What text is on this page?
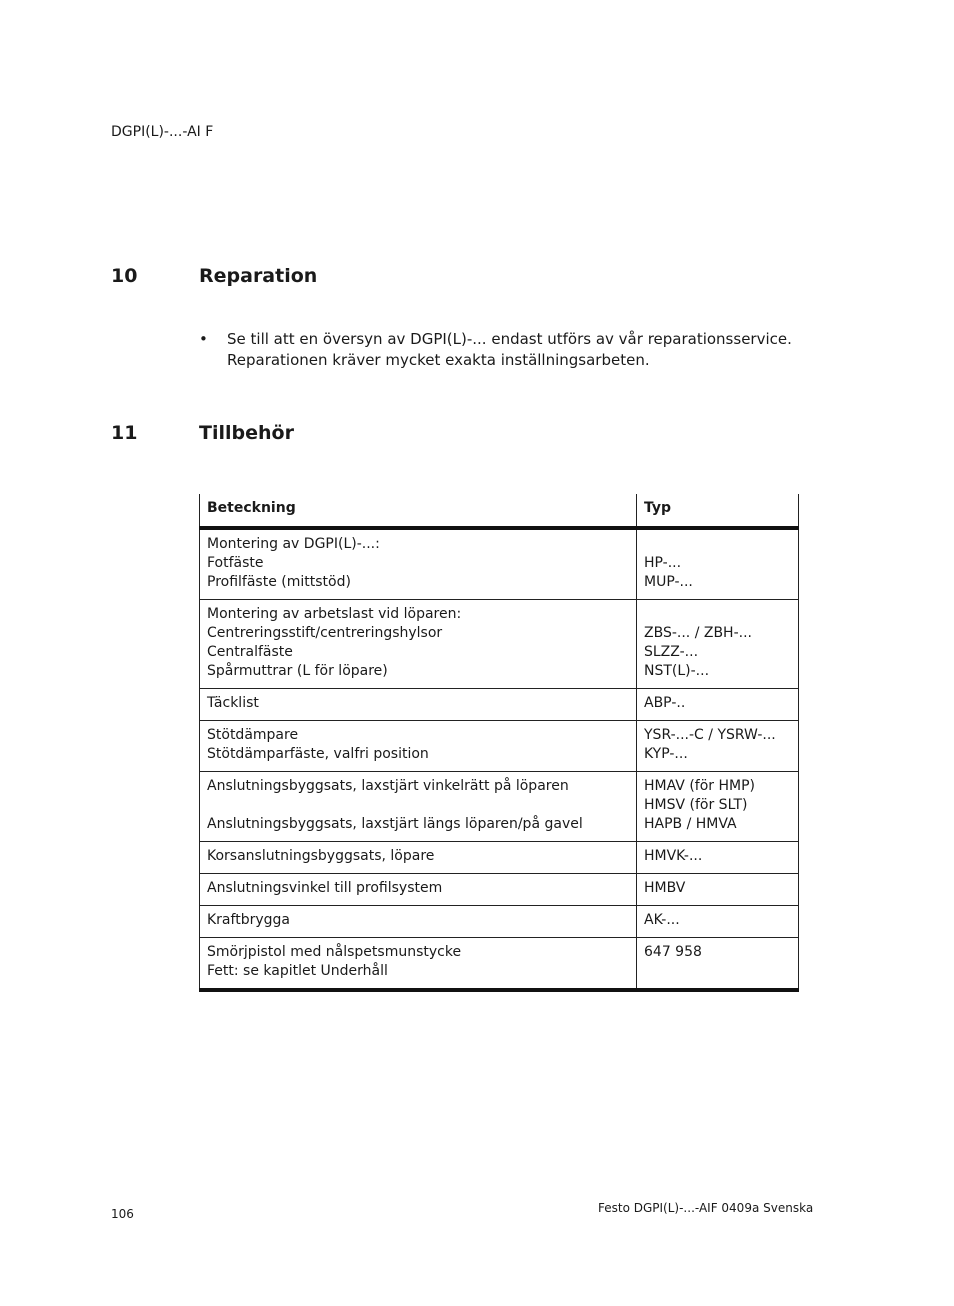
DGPI(L)-...-AI F
10	Reparation
• Se till att en översyn av DGPI(L)-... endast utförs av vår reparationsservice.
Reparationen kräver mycket exakta inställningsarbeten.
11	Tillbehör
Beteckning	Typ

Montering av DGPI(L)-...:
Fotfäste
Profilfäste (mittstöd)	HP-...
MUP-...

Montering av arbetslast vid löparen:
Centreringsstift/centreringshylsor
Centralfäste
Spårmuttrar (L för löpare)	ZBS-... / ZBH-...
SLZZ-...
NST(L)-...

Täcklist	ABP-..

Stötdämpare
Stötdämparfäste, valfri position	YSR-...-C / YSRW-...
KYP-...

Anslutningsbyggsats, laxstjärt vinkelrätt på löparen
Anslutningsbyggsats, laxstjärt längs löparen/på gavel	HMAV (för HMP)
HMSV (för SLT)
HAPB / HMVA

Korsanslutningsbyggsats, löpare	HMVK-...

Anslutningsvinkel till profilsystem	HMBV

Kraftbrygga	AK-...

Smörjpistol med nålspetsmunstycke
Fett: se kapitlet Underhåll	647 958
106	Festo DGPI(L)-...-AIF 0409a Svenska
